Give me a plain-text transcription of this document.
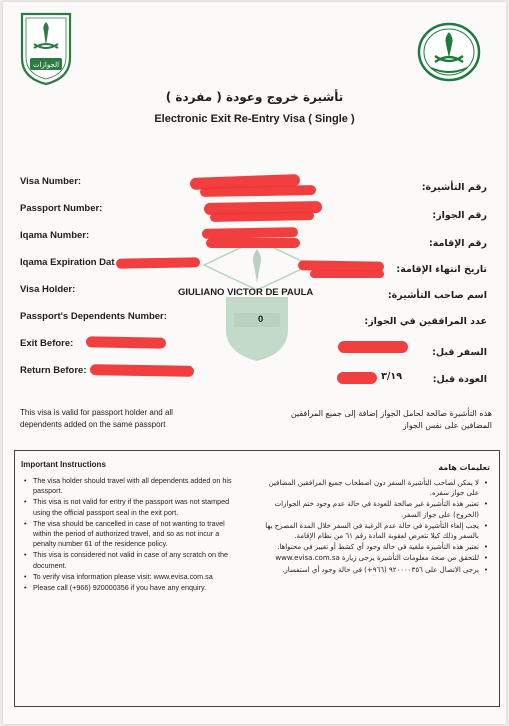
الجوازات
تأشيرة خروج وعودة ( مفردة )
Electronic Exit Re-Entry Visa ( Single )
Visa Number:
Passport Number:
Iqama Number:
Iqama Expiration Dat
Visa Holder:
Passport's Dependents Number:
Exit Before:
Return Before:
رقم التأشيرة:
رقم الجواز:
رقم الإقامة:
تاريخ انتهاء الإقامة:
اسم صاحب التأشيرة:
عدد المرافقين في الجواز:
السفر قبل:
العودة قبل:
GIULIANO VICTOR DE PAULA
0
٣/١٩
This visa is valid for passport holder and all dependents added on the same passport
هذه التأشيرة صالحة لحامل الجواز إضافة إلى جميع المرافقين المضافين على نفس الجواز
Important Instructions	تعليمات هامة
• The visa holder should travel with all dependents added on his passport.
• This visa is not valid for entry if the passport was not stamped using the official passport seal in the exit port.
• The visa should be cancelled in case of not wanting to travel within the period of authorized travel, and so as not incur a penalty number 61 of the residence policy.
• This visa is considered not valid in case of any scratch on the document.
• To verify visa information please visit: www.evisa.com.sa
• Please call (+966) 920000356 if you have any enquiry.
• لا يمكن لصاحب التأشيرة السفر دون اصطحاب جميع المرافقين المضافين على جواز سفره.
• تعتبر هذه التأشيرة غير صالحة للعودة في حالة عدم وجود ختم الجوازات (الخروج) على جواز السفر.
• يجب إلغاء التأشيرة في حالة عدم الرغبة في السفر خلال المدة المصرح بها بالسفر وذلك كيلا تتعرض لعقوبة المادة رقم ٦١ من نظام الإقامة.
• تعتبر هذه التأشيرة ملغية في حالة وجود أي كشط أو تغيير في محتواها.
• للتحقق من صحة معلومات التأشيرة يرجى زيارة www.evisa.com.sa
• يرجى الاتصال على ٩٢٠٠٠٠٣٥٦ (٩٦٦+) في حالة وجود أي استفسار.
